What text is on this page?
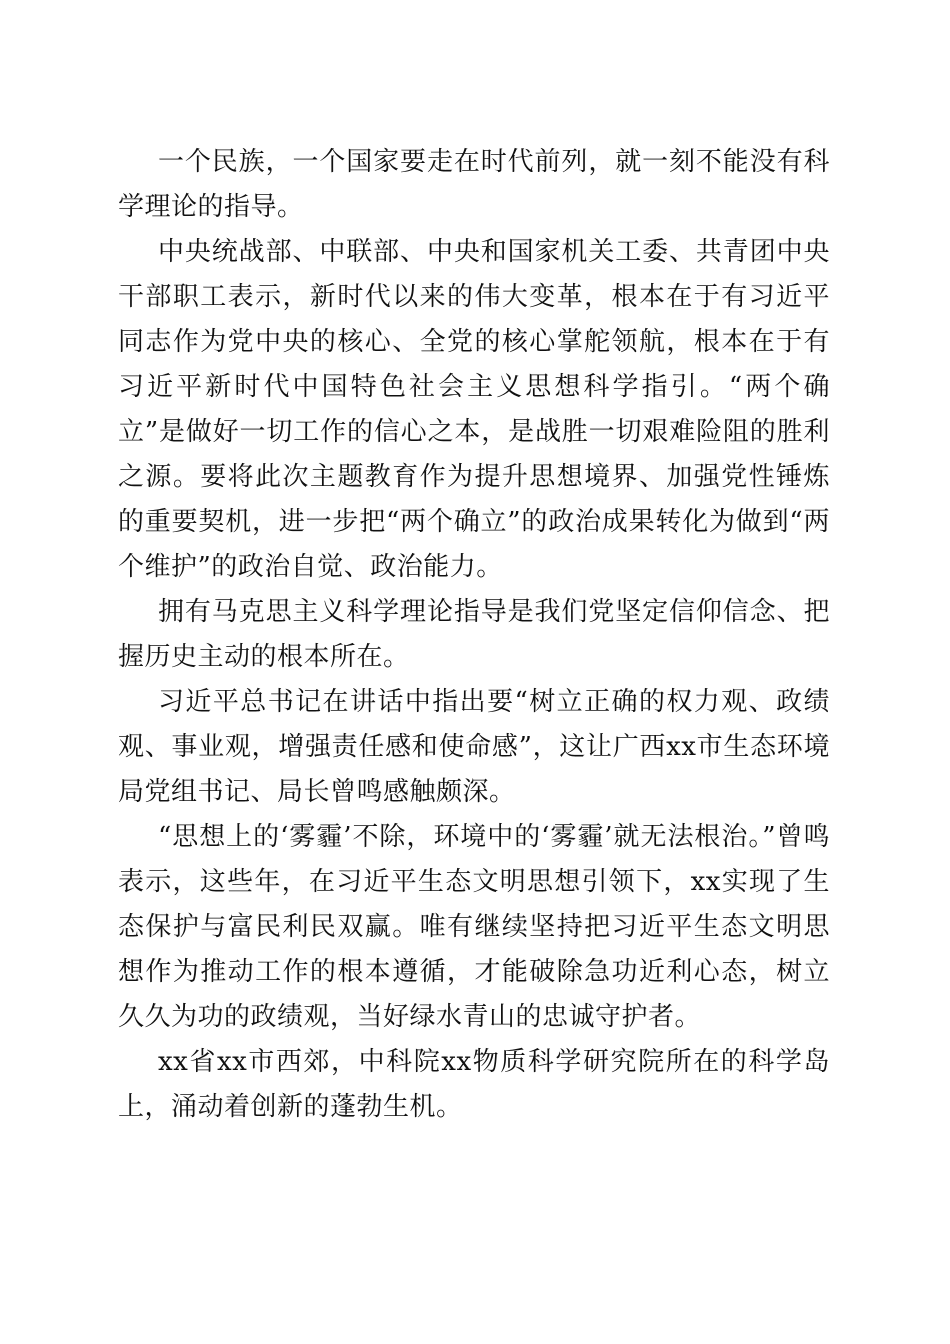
一个民族，一个国家要走在时代前列，就一刻不能没有科学理论的指导。

中央统战部、中联部、中央和国家机关工委、共青团中央干部职工表示，新时代以来的伟大变革，根本在于有习近平同志作为党中央的核心、全党的核心掌舵领航，根本在于有习近平新时代中国特色社会主义思想科学指引。“两个确立”是做好一切工作的信心之本，是战胜一切艰难险阻的胜利之源。要将此次主题教育作为提升思想境界、加强党性锤炼的重要契机，进一步把“两个确立”的政治成果转化为做到“两个维护”的政治自觉、政治能力。

拥有马克思主义科学理论指导是我们党坚定信仰信念、把握历史主动的根本所在。

习近平总书记在讲话中指出要“树立正确的权力观、政绩观、事业观，增强责任感和使命感”，这让广西xx市生态环境局党组书记、局长曾鸣感触颇深。

“思想上的‘雾霾’不除，环境中的‘雾霾’就无法根治。”曾鸣表示，这些年，在习近平生态文明思想引领下，xx实现了生态保护与富民利民双赢。唯有继续坚持把习近平生态文明思想作为推动工作的根本遵循，才能破除急功近利心态，树立久久为功的政绩观，当好绿水青山的忠诚守护者。

xx省xx市西郊，中科院xx物质科学研究院所在的科学岛上，涌动着创新的蓬勃生机。
